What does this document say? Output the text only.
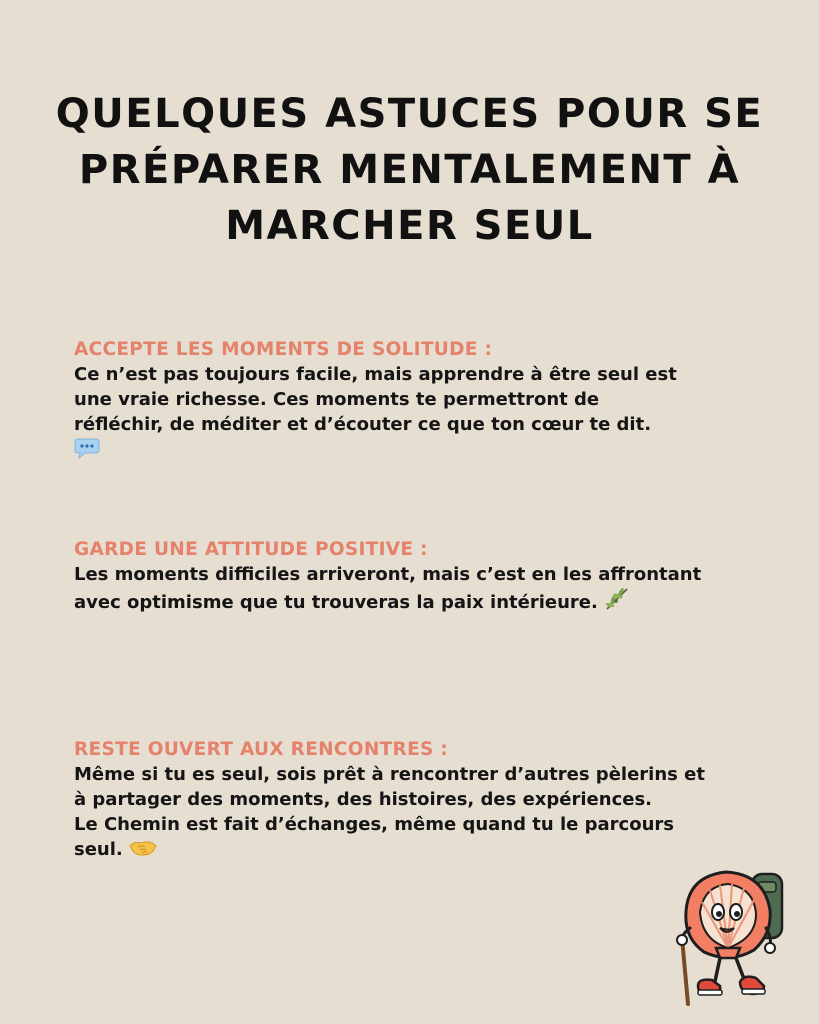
QUELQUES ASTUCES POUR SE PRÉPARER MENTALEMENT À MARCHER SEUL

ACCEPTE LES MOMENTS DE SOLITUDE :

Ce n’est pas toujours facile, mais apprendre à être seul est
une vraie richesse. Ces moments te permettront de
réfléchir, de méditer et d’écouter ce que ton cœur te dit.

GARDE UNE ATTITUDE POSITIVE :

Les moments difficiles arriveront, mais c’est en les affrontant
avec optimisme que tu trouveras la paix intérieure.

RESTE OUVERT AUX RENCONTRES :

Même si tu es seul, sois prêt à rencontrer d’autres pèlerins et
à partager des moments, des histoires, des expériences.
Le Chemin est fait d’échanges, même quand tu le parcours
seul.
